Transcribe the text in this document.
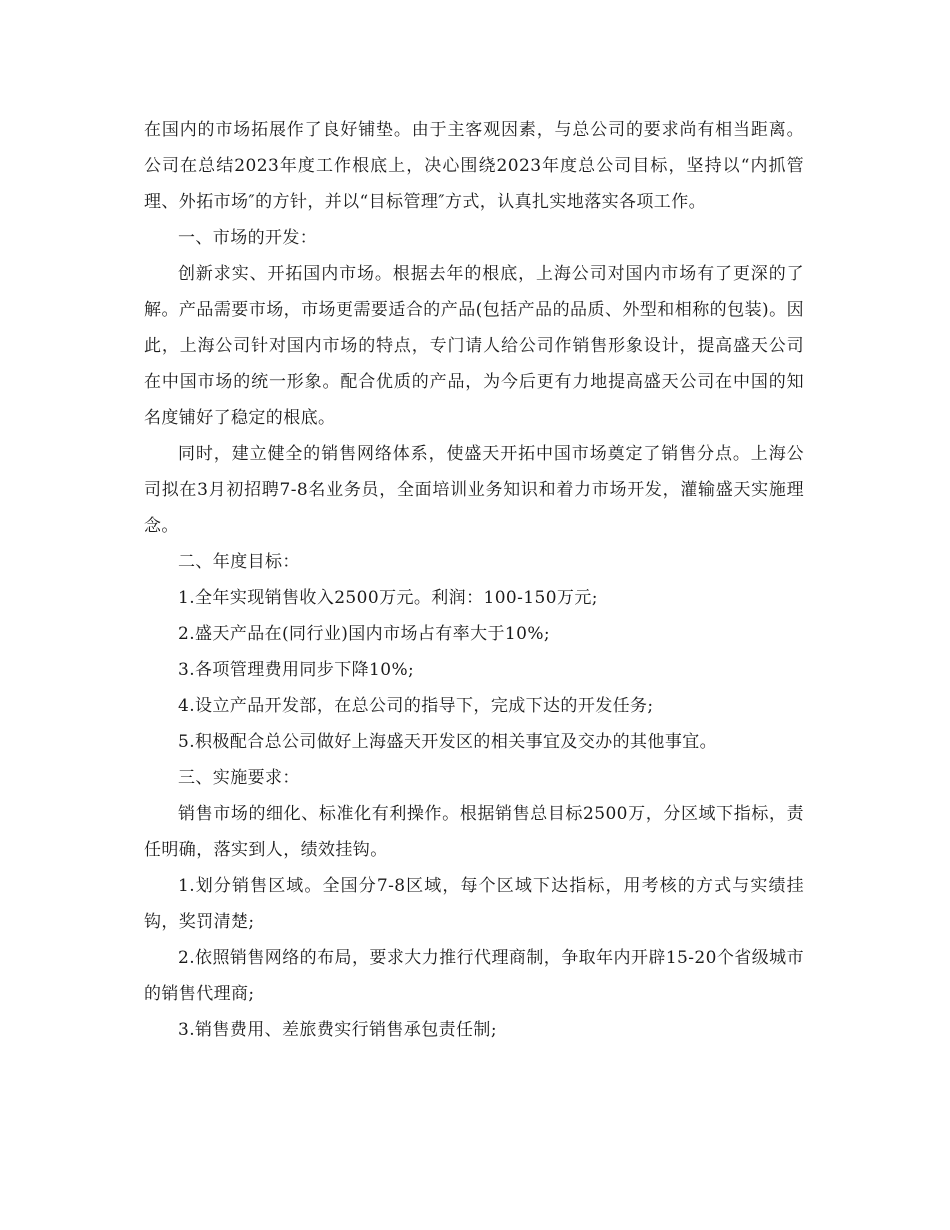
在国内的市场拓展作了良好铺垫。由于主客观因素，与总公司的要求尚有相当距离。公司在总结2023年度工作根底上，决心围绕2023年度总公司目标，坚持以“内抓管理、外拓市场″的方针，并以“目标管理″方式，认真扎实地落实各项工作。

一、市场的开发：

创新求实、开拓国内市场。根据去年的根底，上海公司对国内市场有了更深的了解。产品需要市场，市场更需要适合的产品(包括产品的品质、外型和相称的包装)。因此，上海公司针对国内市场的特点，专门请人给公司作销售形象设计，提高盛天公司在中国市场的统一形象。配合优质的产品，为今后更有力地提高盛天公司在中国的知名度铺好了稳定的根底。

同时，建立健全的销售网络体系，使盛天开拓中国市场奠定了销售分点。上海公司拟在3月初招聘7-8名业务员，全面培训业务知识和着力市场开发，灌输盛天实施理念。

二、年度目标：

1.全年实现销售收入2500万元。利润：100-150万元;

2.盛天产品在(同行业)国内市场占有率大于10%;

3.各项管理费用同步下降10%;

4.设立产品开发部，在总公司的指导下，完成下达的开发任务;

5.积极配合总公司做好上海盛天开发区的相关事宜及交办的其他事宜。

三、实施要求：

销售市场的细化、标准化有利操作。根据销售总目标2500万，分区域下指标，责任明确，落实到人，绩效挂钩。

1.划分销售区域。全国分7-8区域，每个区域下达指标，用考核的方式与实绩挂钩，奖罚清楚;

2.依照销售网络的布局，要求大力推行代理商制，争取年内开辟15-20个省级城市的销售代理商;

3.销售费用、差旅费实行销售承包责任制;
